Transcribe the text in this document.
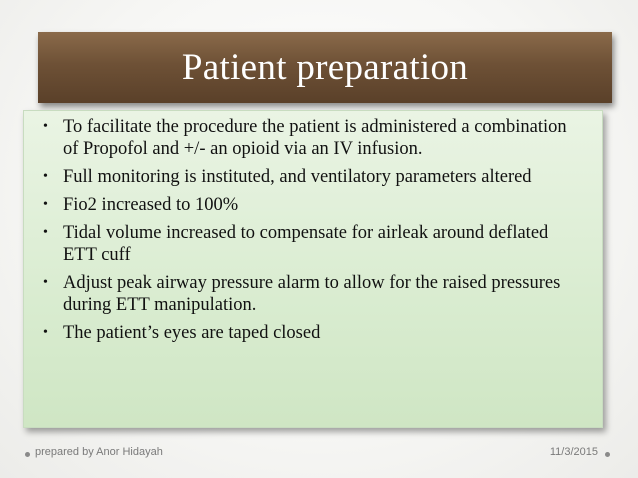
Patient preparation
• To facilitate the procedure the patient is administered a combination of Propofol and +/- an opioid via an IV infusion.
• Full monitoring is instituted, and ventilatory parameters altered
• Fio2 increased to 100%
• Tidal volume increased to compensate for airleak around deflated ETT cuff
• Adjust peak airway pressure alarm to allow for the raised pressures during ETT manipulation.
• The patient’s eyes are taped closed
prepared by Anor Hidayah	11/3/2015
